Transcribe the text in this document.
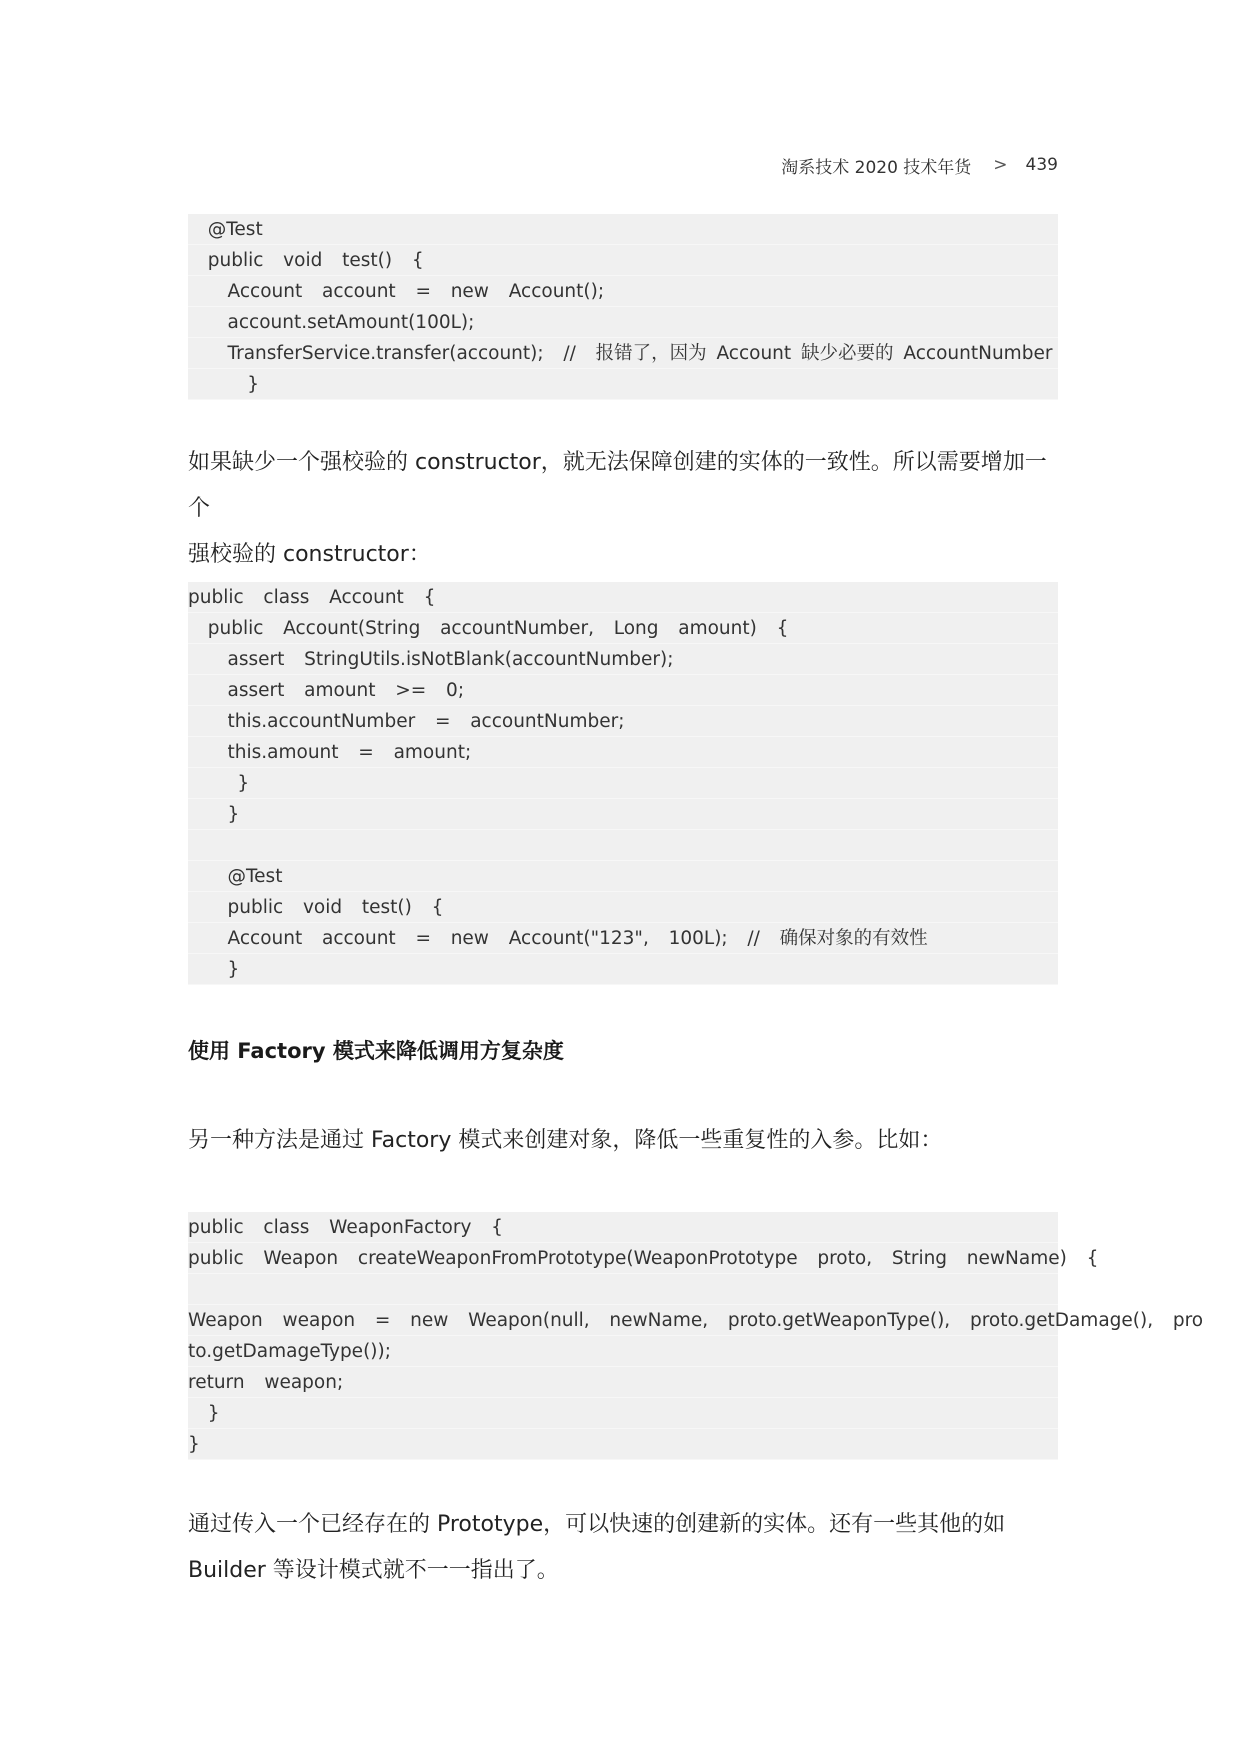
淘系技术 2020 技术年货 > 439
@Test
public  void  test()  {
Account  account  =  new  Account();
account.setAmount(100L);
TransferService.transfer(account);  //  报错了，因为 Account 缺少必要的 AccountNumber
}
如果缺少一个强校验的 constructor，就无法保障创建的实体的一致性。所以需要增加一个
强校验的 constructor：
public  class  Account  {
public  Account(String  accountNumber,  Long  amount)  {
assert  StringUtils.isNotBlank(accountNumber);
assert  amount  >=  0;
this.accountNumber  =  accountNumber;
this.amount  =  amount;
}
}
@Test
public  void  test()  {
Account  account  =  new  Account("123",  100L);  //  确保对象的有效性
}
使用 Factory 模式来降低调用方复杂度
另一种方法是通过 Factory 模式来创建对象，降低一些重复性的入参。比如：
public  class  WeaponFactory  {
public  Weapon  createWeaponFromPrototype(WeaponPrototype  proto,  String  newName)  {
Weapon  weapon  =  new  Weapon(null,  newName,  proto.getWeaponType(),  proto.getDamage(),  pro
to.getDamageType());
return  weapon;
}
}
通过传入一个已经存在的 Prototype，可以快速的创建新的实体。还有一些其他的如
Builder 等设计模式就不一一指出了。
